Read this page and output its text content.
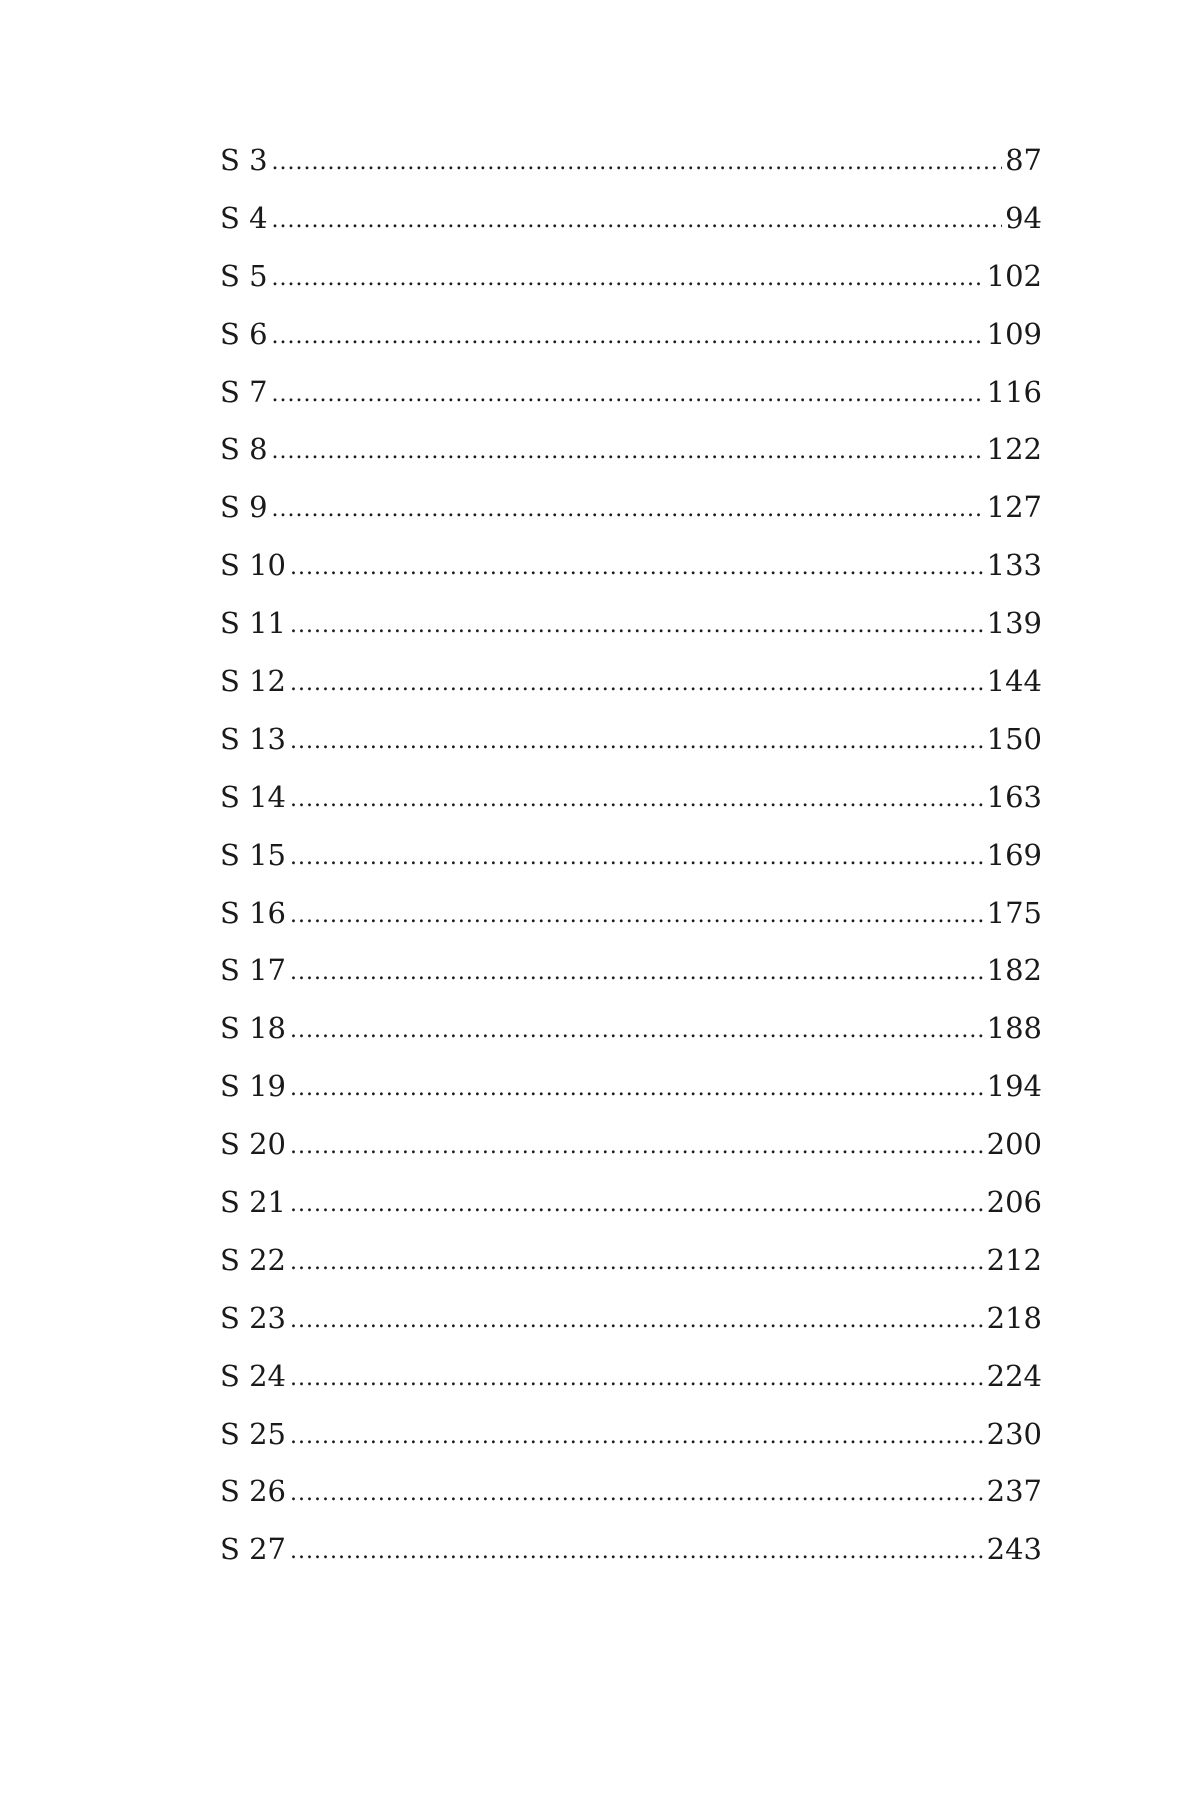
S 3 .....	87
S 4 .....	94
S 5 .....	102
S 6 .....	109
S 7 .....	116
S 8 .....	122
S 9 .....	127
S 10 .....	133
S 11 .....	139
S 12 .....	144
S 13 .....	150
S 14 .....	163
S 15 .....	169
S 16 .....	175
S 17 .....	182
S 18 .....	188
S 19 .....	194
S 20 .....	200
S 21 .....	206
S 22 .....	212
S 23 .....	218
S 24 .....	224
S 25 .....	230
S 26 .....	237
S 27 .....	243
